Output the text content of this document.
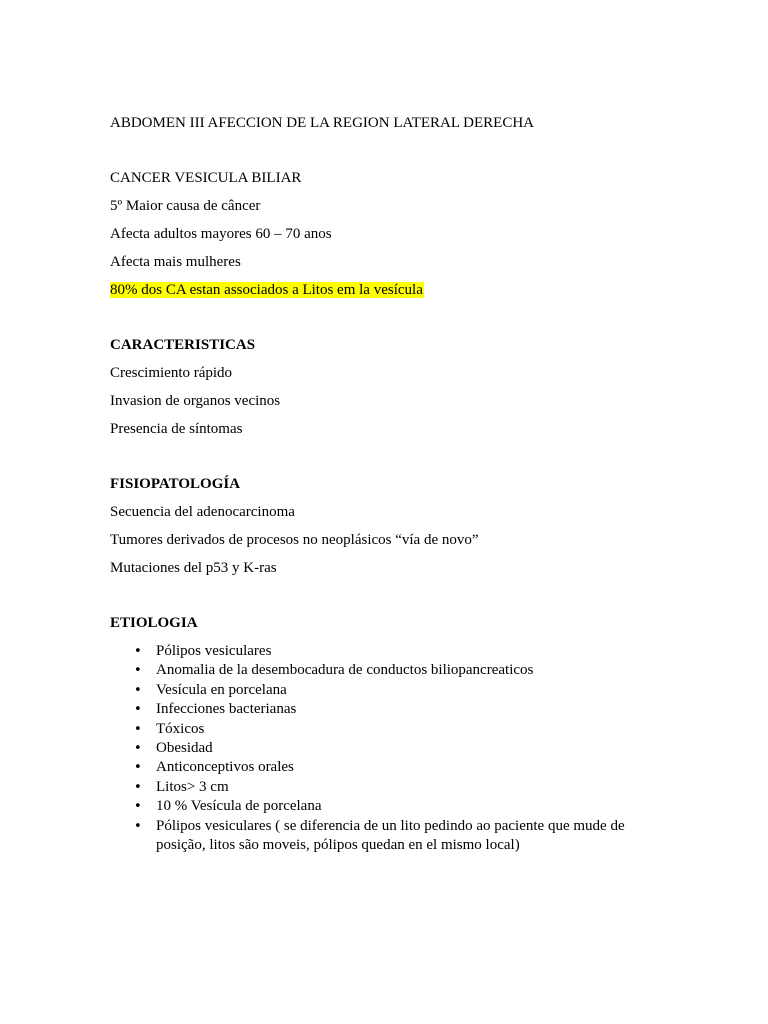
ABDOMEN III AFECCION DE LA REGION LATERAL DERECHA
CANCER VESICULA BILIAR
5º Maior causa de câncer
Afecta adultos mayores 60 – 70 anos
Afecta mais mulheres
80% dos CA estan associados a Litos em la vesícula
CARACTERISTICAS
Crescimiento rápido
Invasion de organos vecinos
Presencia de síntomas
FISIOPATOLOGÍA
Secuencia del adenocarcinoma
Tumores derivados de procesos no neoplásicos “vía de novo”
Mutaciones del p53 y K-ras
ETIOLOGIA
• Pólipos vesiculares
• Anomalia de la desembocadura de conductos biliopancreaticos
• Vesícula en porcelana
• Infecciones bacterianas
• Tóxicos
• Obesidad
• Anticonceptivos orales
• Litos> 3 cm
• 10 % Vesícula de porcelana
• Pólipos vesiculares ( se diferencia de un lito pedindo ao paciente que mude de posição, litos são moveis, pólipos quedan en el mismo local)
